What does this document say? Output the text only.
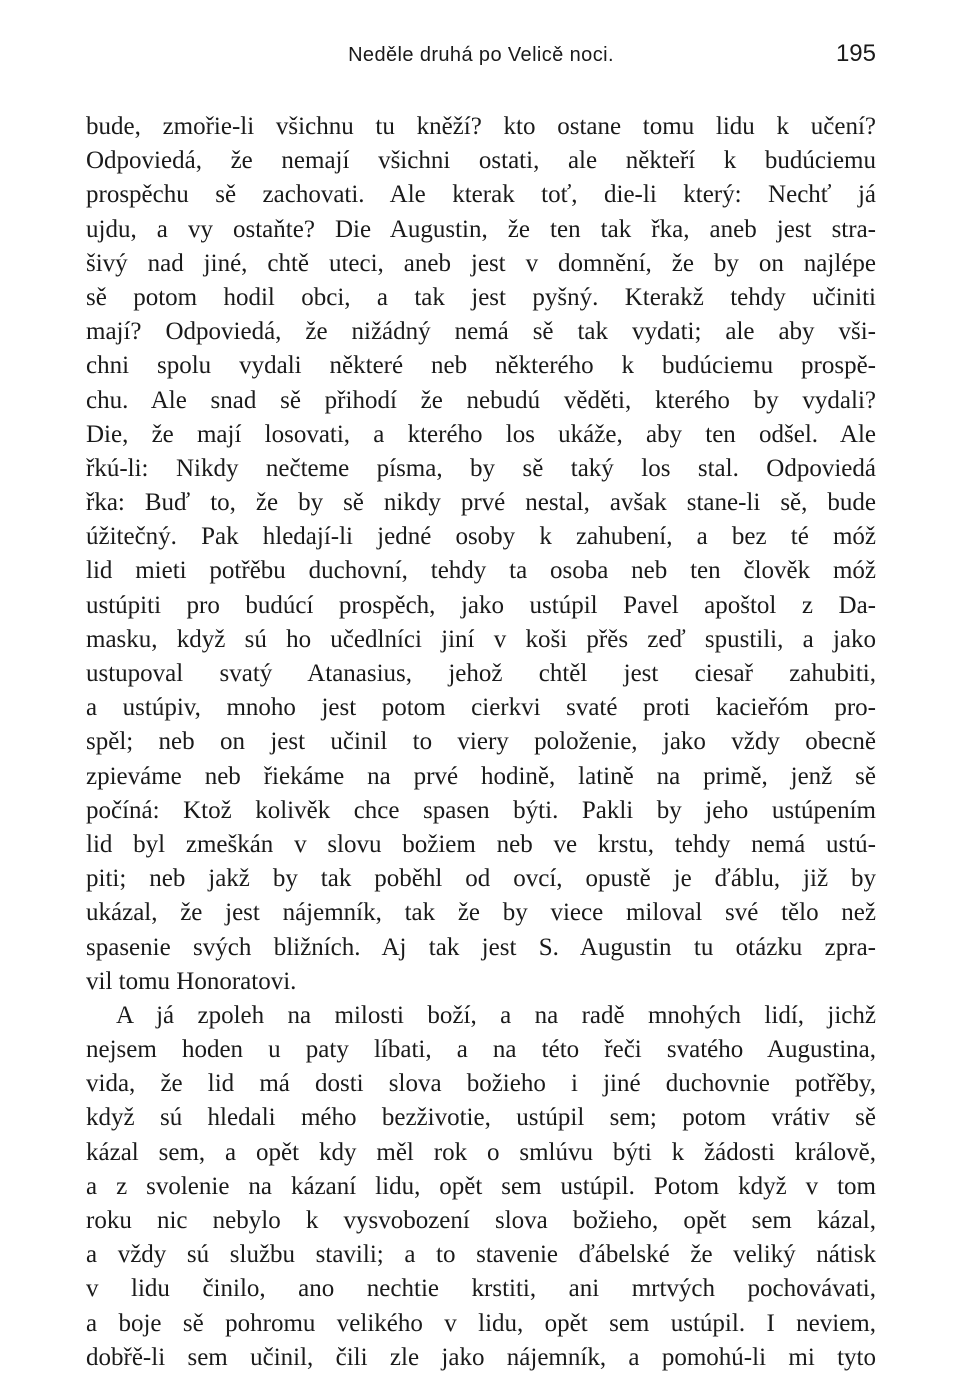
Neděle druhá po Velicě noci.	195
bude, zmořie-li všichnu tu kněží? kto ostane tomu lidu k učení?
Odpoviedá, že nemají všichni ostati, ale někteří k budúciemu
prospěchu sě zachovati. Ale kterak toť, die-li který: Nechť já
ujdu, a vy ostaňte? Die Augustin, že ten tak řka, aneb jest stra-
šivý nad jiné, chtě uteci, aneb jest v domnění, že by on najlépe
sě potom hodil obci, a tak jest pyšný. Kterakž tehdy učiniti
mají? Odpoviedá, že nižádný nemá sě tak vydati; ale aby vši-
chni spolu vydali některé neb některého k budúciemu prospě-
chu. Ale snad sě přihodí že nebudú věděti, kterého by vydali?
Die, že mají losovati, a kterého los ukáže, aby ten odšel. Ale
řkú-li: Nikdy nečteme písma, by sě taký los stal. Odpoviedá
řka: Buď to, že by sě nikdy prvé nestal, avšak stane-li sě, bude
úžitečný. Pak hledají-li jedné osoby k zahubení, a bez té móž
lid mieti potřěbu duchovní, tehdy ta osoba neb ten člověk móž
ustúpiti pro budúcí prospěch, jako ustúpil Pavel apoštol z Da-
masku, když sú ho učedlníci jiní v koši přěs zeď spustili, a jako
ustupoval svatý Atanasius, jehož chtěl jest ciesař zahubiti,
a ustúpiv, mnoho jest potom cierkvi svaté proti kacieřóm pro-
spěl; neb on jest učinil to viery položenie, jako vždy obecně
zpieváme neb řiekáme na prvé hodině, latině na primě, jenž sě
počíná: Ktož kolivěk chce spasen býti. Pakli by jeho ustúpením
lid byl zmeškán v slovu božiem neb ve krstu, tehdy nemá ustú-
piti; neb jakž by tak poběhl od ovcí, opustě je ďáblu, již by
ukázal, že jest nájemník, tak že by viece miloval své tělo než
spasenie svých bližních. Aj tak jest S. Augustin tu otázku zpra-
vil tomu Honoratovi.
A já zpoleh na milosti boží, a na radě mnohých lidí, jichž
nejsem hoden u paty líbati, a na této řeči svatého Augustina,
vida, že lid má dosti slova božieho i jiné duchovnie potřěby,
když sú hledali mého bezživotie, ustúpil sem; potom vrátiv sě
kázal sem, a opět kdy měl rok o smlúvu býti k žádosti královĕ,
a z svolenie na kázaní lidu, opět sem ustúpil. Potom když v tom
roku nic nebylo k vysvobození slova božieho, opět sem kázal,
a vždy sú službu stavili; a to stavenie ďábelské že veliký nátisk
v lidu činilo, ano nechtie krstiti, ani mrtvých pochovávati,
a boje sě pohromu velikého v lidu, opět sem ustúpil. I neviem,
dobřě-li sem učinil, čili zle jako nájemník, a pomohú-li mi tyto
